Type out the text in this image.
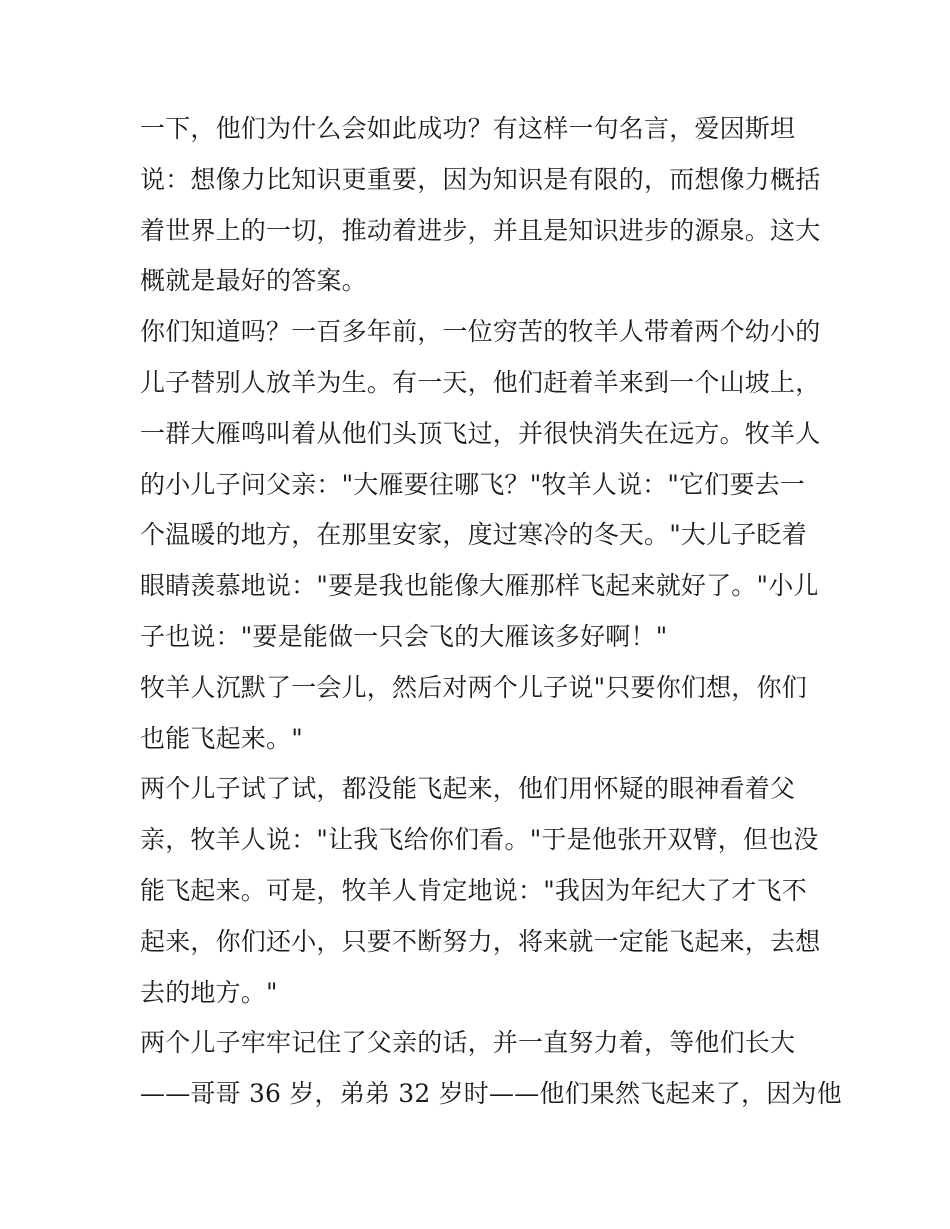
一下，他们为什么会如此成功？有这样一句名言，爱因斯坦
说：想像力比知识更重要，因为知识是有限的，而想像力概括
着世界上的一切，推动着进步，并且是知识进步的源泉。这大
概就是最好的答案。
你们知道吗？一百多年前，一位穷苦的牧羊人带着两个幼小的
儿子替别人放羊为生。有一天，他们赶着羊来到一个山坡上，
一群大雁鸣叫着从他们头顶飞过，并很快消失在远方。牧羊人
的小儿子问父亲："大雁要往哪飞？"牧羊人说："它们要去一
个温暖的地方，在那里安家，度过寒冷的冬天。"大儿子眨着
眼睛羡慕地说："要是我也能像大雁那样飞起来就好了。"小儿
子也说："要是能做一只会飞的大雁该多好啊！"
牧羊人沉默了一会儿，然后对两个儿子说"只要你们想，你们
也能飞起来。"
两个儿子试了试，都没能飞起来，他们用怀疑的眼神看着父
亲，牧羊人说："让我飞给你们看。"于是他张开双臂，但也没
能飞起来。可是，牧羊人肯定地说："我因为年纪大了才飞不
起来，你们还小，只要不断努力，将来就一定能飞起来，去想
去的地方。"
两个儿子牢牢记住了父亲的话，并一直努力着，等他们长大
——哥哥 36 岁，弟弟 32 岁时——他们果然飞起来了，因为他
